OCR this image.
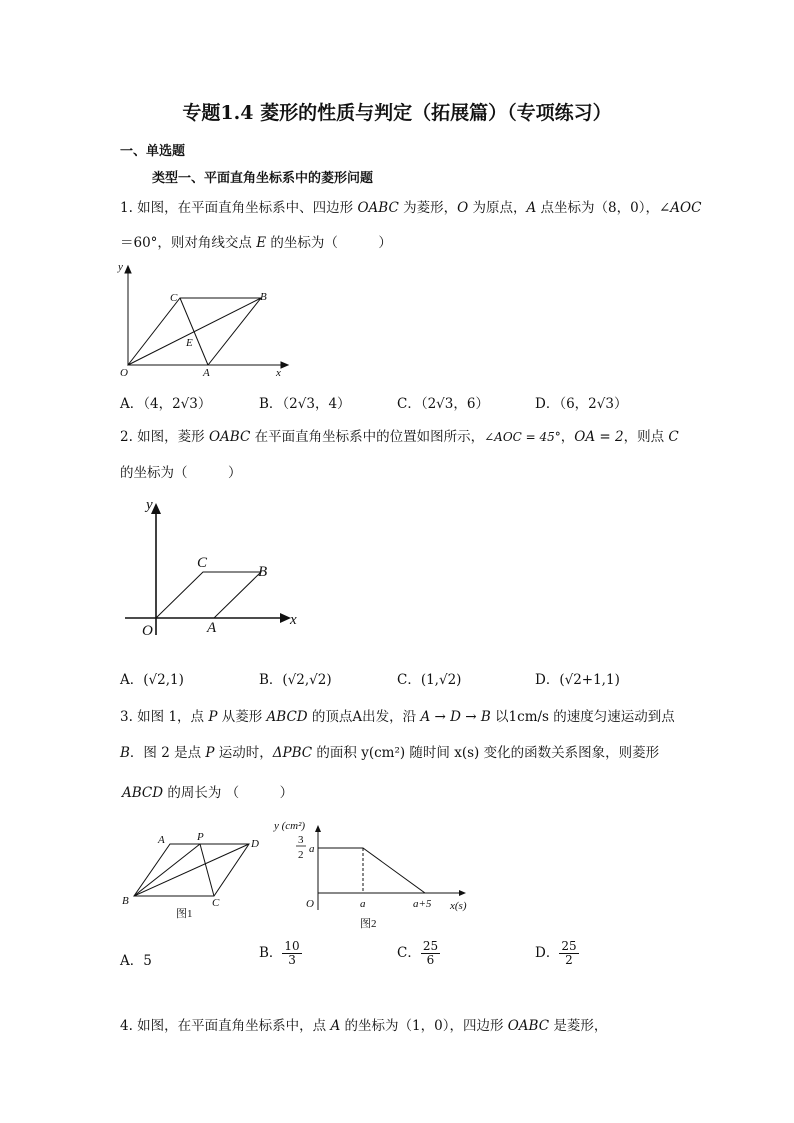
专题1.4 菱形的性质与判定（拓展篇）（专项练习）
一、单选题
类型一、平面直角坐标系中的菱形问题
1. 如图，在平面直角坐标系中、四边形 OABC 为菱形，O 为原点，A 点坐标为（8，0），∠AOC
＝60°，则对角线交点 E 的坐标为（　　　）
y
x
O	A
B
C
E
A．（4，2√3）	B．（2√3，4）	C．（2√3，6）	D．（6，2√3）
2. 如图，菱形 OABC 在平面直角坐标系中的位置如图所示，∠AOC = 45°，OA = 2，则点 C
的坐标为（　　　）
y
x
O	A
B
C
A．(√2,1)	B．(√2,√2)	C．(1,√2)	D．(√2+1,1)
3. 如图 1，点 P 从菱形 ABCD 的顶点A出发，沿 A → D → B 以1cm/s 的速度匀速运动到点
B．图 2 是点 P 运动时，ΔPBC 的面积 y(cm²) 随时间 x(s) 变化的函数关系图象，则菱形
ABCD 的周长为 （　　　）
A	P
D
B	C
图1
y (cm²)
3
2 a
O	a	a+5 x(s)
图2
A．5	B． $\frac{10}{3}$	C． $\frac{25}{6}$	D． $\frac{25}{2}$
4. 如图，在平面直角坐标系中，点 A 的坐标为（1，0），四边形 OABC 是菱形，
